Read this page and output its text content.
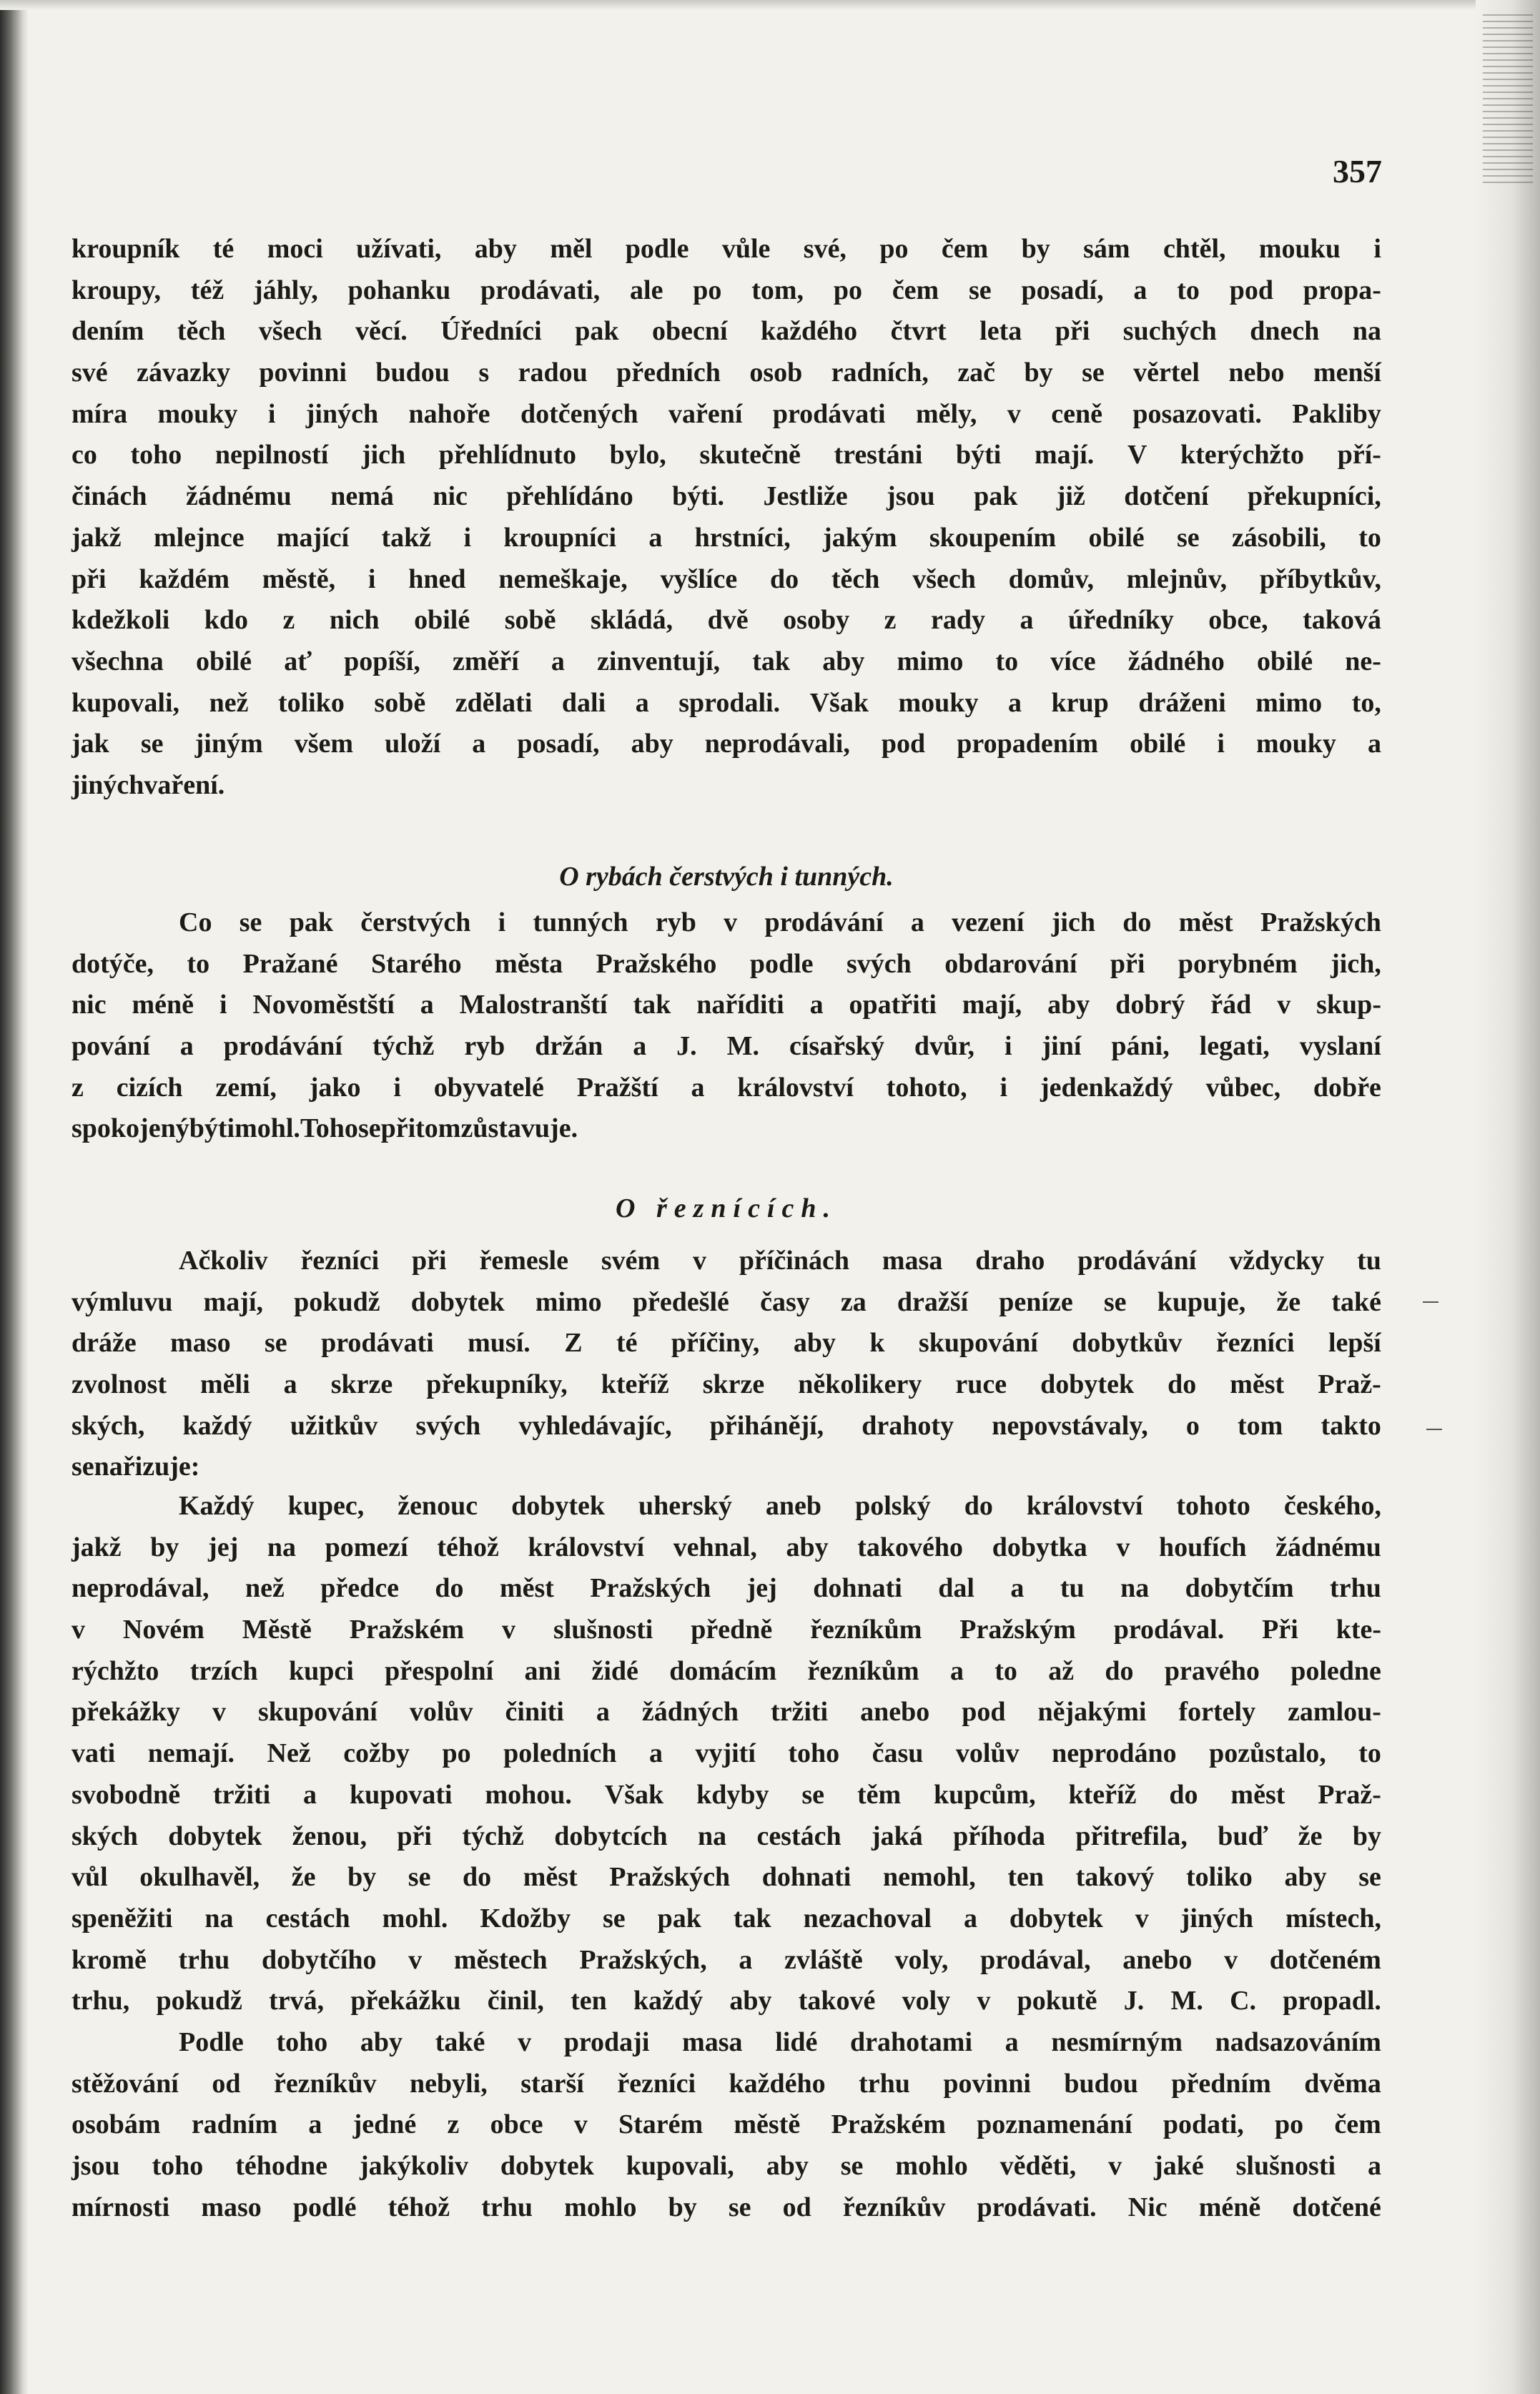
357
kroupník té moci užívati, aby měl podle vůle své, po čem by sám chtěl, mouku i
kroupy, též jáhly, pohanku prodávati, ale po tom, po čem se posadí, a to pod propa-
dením těch všech věcí. Úředníci pak obecní každého čtvrt leta při suchých dnech na
své závazky povinni budou s radou předních osob radních, zač by se věrtel nebo menší
míra mouky i jiných nahoře dotčených vaření prodávati měly, v ceně posazovati. Pakliby
co toho nepilností jich přehlídnuto bylo, skutečně trestáni býti mají. V kterýchžto pří-
činách žádnému nemá nic přehlídáno býti. Jestliže jsou pak již dotčení překupníci,
jakž mlejnce mající takž i kroupníci a hrstníci, jakým skoupením obilé se zásobili, to
při každém městě, i hned nemeškaje, vyšlíce do těch všech domův, mlejnův, příbytkův,
kdežkoli kdo z nich obilé sobě skládá, dvě osoby z rady a úředníky obce, taková
všechna obilé ať popíší, změří a zinventují, tak aby mimo to více žádného obilé ne-
kupovali, než toliko sobě zdělati dali a sprodali. Však mouky a krup dráženi mimo to,
jak se jiným všem uloží a posadí, aby neprodávali, pod propadením obilé i mouky a
jiných vaření.
O rybách čerstvých i tunných.
Co se pak čerstvých i tunných ryb v prodávání a vezení jich do měst Pražských
dotýče, to Pražané Starého města Pražského podle svých obdarování při porybném jich,
nic méně i Novoměstští a Malostranští tak naříditi a opatřiti mají, aby dobrý řád v skup-
pování a prodávání týchž ryb držán a J. M. císařský dvůr, i jiní páni, legati, vyslaní
z cizích zemí, jako i obyvatelé Pražští a království tohoto, i jedenkaždý vůbec, dobře
spokojený býti mohl. Toho se při tom zůstavuje.
O řeznících.
Ačkoliv řezníci při řemesle svém v příčinách masa draho prodávání vždycky tu
výmluvu mají, pokudž dobytek mimo předešlé časy za dražší peníze se kupuje, že také
dráže maso se prodávati musí. Z té příčiny, aby k skupování dobytkův řezníci lepší
zvolnost měli a skrze překupníky, kteříž skrze několikery ruce dobytek do měst Praž-
ských, každý užitkův svých vyhledávajíc, přihánějí, drahoty nepovstávaly, o tom takto
se nařizuje:
Každý kupec, ženouc dobytek uherský aneb polský do království tohoto českého,
jakž by jej na pomezí téhož království vehnal, aby takového dobytka v houfích žádnému
neprodával, než předce do měst Pražských jej dohnati dal a tu na dobytčím trhu
v Novém Městě Pražském v slušnosti předně řezníkům Pražským prodával. Při kte-
rýchžto trzích kupci přespolní ani židé domácím řezníkům a to až do pravého poledne
překážky v skupování volův činiti a žádných tržiti anebo pod nějakými fortely zamlou-
vati nemají. Než cožby po poledních a vyjití toho času volův neprodáno pozůstalo, to
svobodně tržiti a kupovati mohou. Však kdyby se těm kupcům, kteříž do měst Praž-
ských dobytek ženou, při týchž dobytcích na cestách jaká příhoda přitrefila, buď že by
vůl okulhavěl, že by se do měst Pražských dohnati nemohl, ten takový toliko aby se
speněžiti na cestách mohl. Kdožby se pak tak nezachoval a dobytek v jiných místech,
kromě trhu dobytčího v městech Pražských, a zvláště voly, prodával, anebo v dotčeném
trhu, pokudž trvá, překážku činil, ten každý aby takové voly v pokutě J. M. C. propadl.
Podle toho aby také v prodaji masa lidé drahotami a nesmírným nadsazováním
stěžování od řezníkův nebyli, starší řezníci každého trhu povinni budou předním dvěma
osobám radním a jedné z obce v Starém městě Pražském poznamenání podati, po čem
jsou toho téhodne jakýkoliv dobytek kupovali, aby se mohlo věděti, v jaké slušnosti a
mírnosti maso podlé téhož trhu mohlo by se od řezníkův prodávati. Nic méně dotčené
